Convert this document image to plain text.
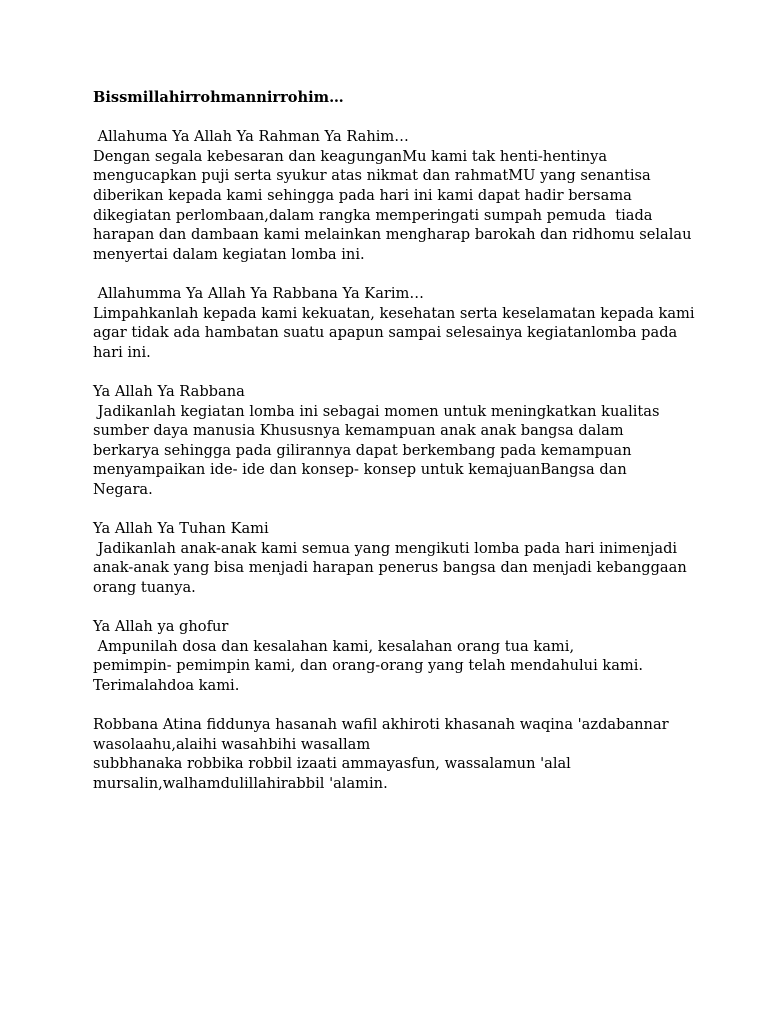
Bissmillahirrohmannirrohim…
Allahuma Ya Allah Ya Rahman Ya Rahim…
Dengan segala kebesaran dan keagunganMu kami tak henti-hentinya
mengucapkan puji serta syukur atas nikmat dan rahmatMU yang senantisa
diberikan kepada kami sehingga pada hari ini kami dapat hadir bersama
dikegiatan perlombaan,dalam rangka memperingati sumpah pemuda  tiada
harapan dan dambaan kami melainkan mengharap barokah dan ridhomu selalau
menyertai dalam kegiatan lomba ini.
Allahumma Ya Allah Ya Rabbana Ya Karim…
Limpahkanlah kepada kami kekuatan, kesehatan serta keselamatan kepada kami
agar tidak ada hambatan suatu apapun sampai selesainya kegiatanlomba pada
hari ini.
Ya Allah Ya Rabbana
Jadikanlah kegiatan lomba ini sebagai momen untuk meningkatkan kualitas
sumber daya manusia Khususnya kemampuan anak anak bangsa dalam
berkarya sehingga pada gilirannya dapat berkembang pada kemampuan
menyampaikan ide- ide dan konsep- konsep untuk kemajuanBangsa dan
Negara.
Ya Allah Ya Tuhan Kami
Jadikanlah anak-anak kami semua yang mengikuti lomba pada hari inimenjadi
anak-anak yang bisa menjadi harapan penerus bangsa dan menjadi kebanggaan
orang tuanya.
Ya Allah ya ghofur
Ampunilah dosa dan kesalahan kami, kesalahan orang tua kami,
pemimpin- pemimpin kami, dan orang-orang yang telah mendahului kami.
Terimalahdoa kami.
Robbana Atina fiddunya hasanah wafil akhiroti khasanah waqina 'azdabannar
wasolaahu,alaihi wasahbihi wasallam
subbhanaka robbika robbil izaati ammayasfun, wassalamun 'alal
mursalin,walhamdulillahirabbil 'alamin.
